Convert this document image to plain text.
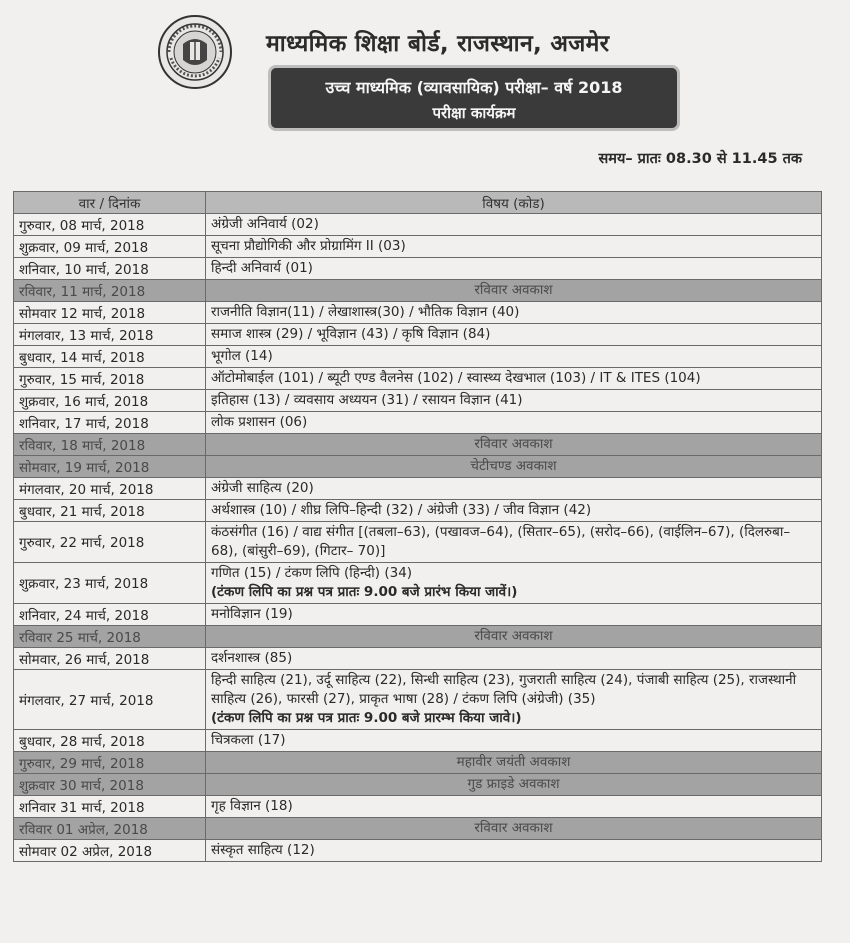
माध्यमिक शिक्षा बोर्ड, राजस्थान, अजमेर
उच्च माध्यमिक (व्यावसायिक) परीक्षा– वर्ष 2018
परीक्षा कार्यक्रम
समय– प्रातः 08.30 से 11.45 तक
वार / दिनांक	विषय (कोड)
गुरुवार, 08 मार्च, 2018	अंग्रेजी अनिवार्य (02)
शुक्रवार, 09 मार्च, 2018	सूचना प्रौद्योगिकी और प्रोग्रामिंग II (03)
शनिवार, 10 मार्च, 2018	हिन्दी अनिवार्य (01)
रविवार, 11 मार्च, 2018	रविवार अवकाश
सोमवार 12 मार्च, 2018	राजनीति विज्ञान(11) / लेखाशास्त्र(30) / भौतिक विज्ञान (40)
मंगलवार, 13 मार्च, 2018	समाज शास्त्र (29) / भूविज्ञान (43) / कृषि विज्ञान (84)
बुधवार, 14 मार्च, 2018	भूगोल (14)
गुरुवार, 15 मार्च, 2018	ऑटोमोबाईल (101) / ब्यूटी एण्ड वैलनेस (102) / स्वास्थ्य देखभाल (103) / IT & ITES (104)
शुक्रवार, 16 मार्च, 2018	इतिहास (13) / व्यवसाय अध्ययन (31) / रसायन विज्ञान (41)
शनिवार, 17 मार्च, 2018	लोक प्रशासन (06)
रविवार, 18 मार्च, 2018	रविवार अवकाश
सोमवार, 19 मार्च, 2018	चेटीचण्ड अवकाश
मंगलवार, 20 मार्च, 2018	अंग्रेजी साहित्य (20)
बुधवार, 21 मार्च, 2018	अर्थशास्त्र (10) / शीघ्र लिपि–हिन्दी (32) / अंग्रेजी (33) / जीव विज्ञान (42)
गुरुवार, 22 मार्च, 2018	कंठसंगीत (16) / वाद्य संगीत [(तबला–63), (पखावज–64), (सितार–65), (सरोद–66), (वाईलिन–67), (दिलरुबा–68), (बांसुरी–69), (गिटार– 70)]
शुक्रवार, 23 मार्च, 2018	गणित (15) / टंकण लिपि (हिन्दी) (34)
(टंकण लिपि का प्रश्न पत्र प्रातः 9.00 बजे प्रारंभ किया जावें।)

शनिवार, 24 मार्च, 2018	मनोविज्ञान (19)
रविवार 25 मार्च, 2018	रविवार अवकाश
सोमवार, 26 मार्च, 2018	दर्शनशास्त्र (85)
मंगलवार, 27 मार्च, 2018	हिन्दी साहित्य (21), उर्दू साहित्य (22), सिन्धी साहित्य (23), गुजराती साहित्य (24), पंजाबी साहित्य (25), राजस्थानी साहित्य (26), फारसी (27), प्राकृत भाषा (28) / टंकण लिपि (अंग्रेजी) (35)
(टंकण लिपि का प्रश्न पत्र प्रातः 9.00 बजे प्रारम्भ किया जावे।)

बुधवार, 28 मार्च, 2018	चित्रकला (17)
गुरुवार, 29 मार्च, 2018	महावीर जयंती अवकाश
शुक्रवार 30 मार्च, 2018	गुड फ्राइडे अवकाश
शनिवार 31 मार्च, 2018	गृह विज्ञान (18)
रविवार 01 अप्रेल, 2018	रविवार अवकाश
सोमवार 02 अप्रेल, 2018	संस्कृत साहित्य (12)
